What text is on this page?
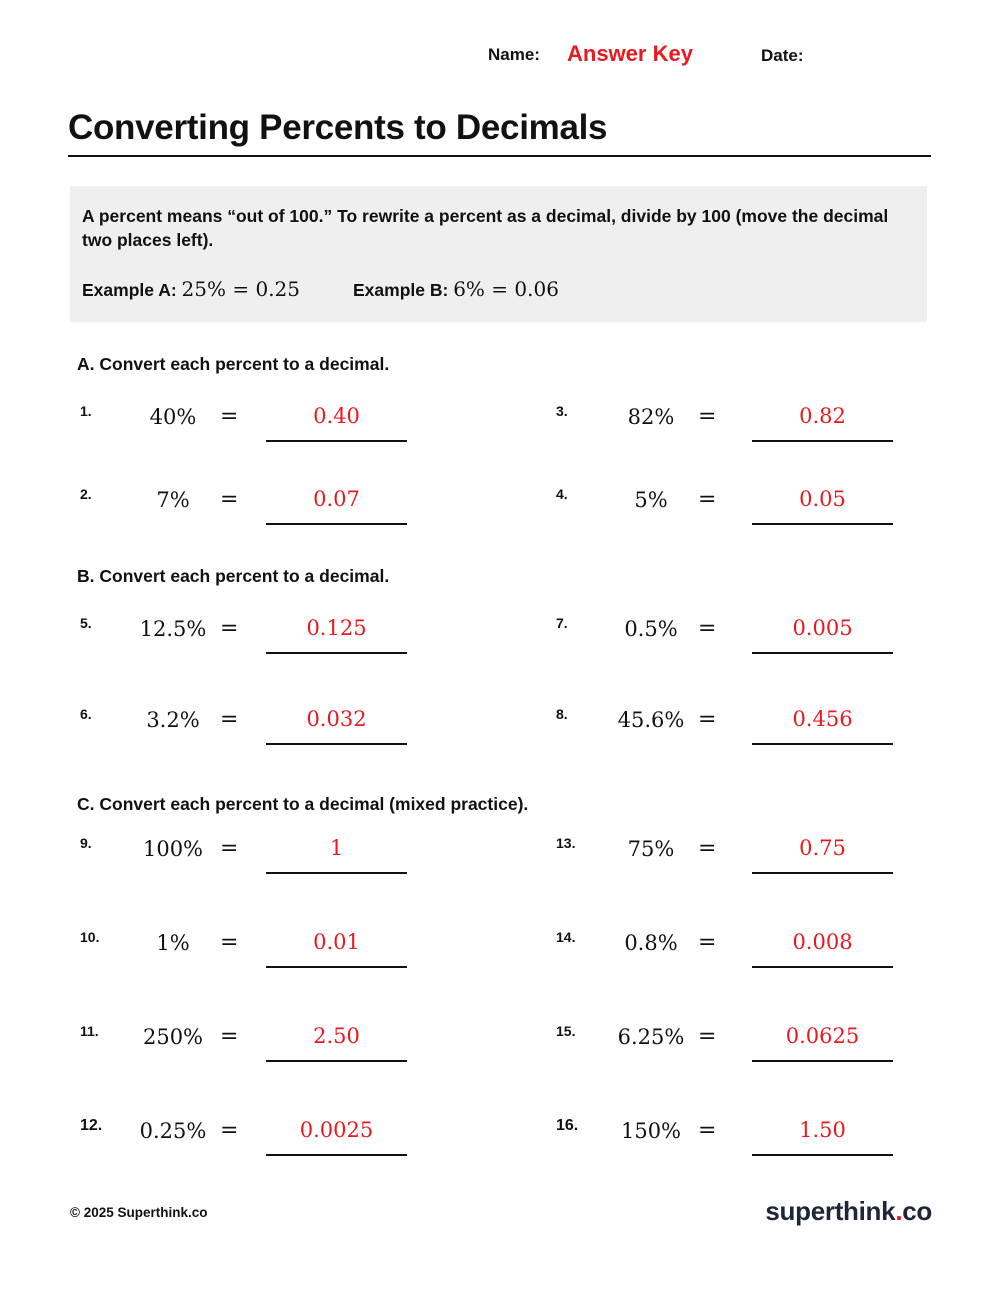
Name: Answer Key	Date:
Converting Percents to Decimals
A percent means “out of 100.” To rewrite a percent as a decimal, divide by 100 (move the decimal two places left).
Example A: 25% = 0.25	Example B: 6% = 0.06
A. Convert each percent to a decimal.
B. Convert each percent to a decimal.
C. Convert each percent to a decimal (mixed practice).
1.	40%	=	0.40
2.	7%	=	0.07
3.	82%	=	0.82
4.	5%	=	0.05
5.	12.5% =	0.125
6.	3.2% =	0.032
7.	0.5% =	0.005
8.	45.6% =	0.456
9.	100% =	1
10.	1%	=	0.01
11.	250% =	2.50
12.	0.25% =	0.0025
13.	75%	=	0.75
14.	0.8% =	0.008
15.	6.25% =	0.0625
16.	150% =	1.50
© 2025 Superthink.co	superthink.co
